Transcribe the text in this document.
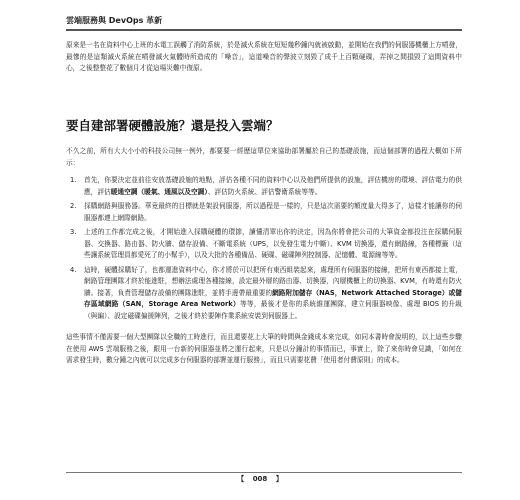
雲端服務與 DevOps 革新

原來是一名在資料中心上班的水電工誤觸了消防系統，於是滅火系統在短短幾秒鐘內就被啟動，並開始在我們的伺服器機櫃上方噴發，最慘的是這類滅火系統在噴發滅火氣體時所造成的「噪音」，這道噪音的聲波立刻毀了成千上百顆硬碟，弄掉之間損毀了這間資料中心，之後整整花了數個月才從這場災難中復原。

要自建部署硬體設施？還是投入雲端？

不久之前，所有大大小小的科技公司無一例外，都要要一經歷這單位來協助部署屬於自己的基礎設施，而這個部署的過程大概如下所示：

1.	首先，你要決定並前往安放基礎設施的地點，評估各種不同的資料中心以及他們所提供的設施，評估機房的環境、評估電力的供應，評估暖通空調（暖氣、通風以及空調）、評估防火系統、評估警衛系統等等。
2.	採購網路與服務器。華竟最終的目標就是架設伺服器，所以過程是一樣的，只是這次需要的額度量大得多了，這樣才能讓你的伺服器都連上網際網路。
3.	上述的工作都完成之後，才開始進入採購硬體的環節，讀懂清單出你的決定，因為你將會把公司的大筆資金都投注在採購伺服器、交換器、路由器、防火牆、儲存設備、不斷電系統（UPS，以免發生電力中斷）、KVM 切換器，還有網路線，各種標籤（這些讓系統管理員都愛死了的小幫手），以及大批的各種備品、硬碟、磁碟陣列控制器、記憶體、電源線等等。
4.	這時，硬體採購好了，也都運進資料中心，你才將於可以把所有東西組裝起來，處理所有伺服器的接線，把所有東西都接上電，網路管理團隊才終於能進駐，想辦法處理各種接線，設定最外層的路由器、切換器，內層機櫃上的切換器、KVM，有時還有防火牆。接著，負責管理儲存設備的團隊進駐，並將手邊帶最重要的網路附加儲存（NAS，Network Attached Storage）或儲存區域網路（SAN，Storage Area Network）等等，最後才是你的系統維運團隊，建立伺服器映像、處理 BIOS 的升級（與編）、設定磁碟偏援陣列，之後才終於要陣作業系統安裝到伺服器上。

這些事情不僅需要一個大型團隊以全職的工時進行，而且還要花上大筆的時間與金錢成本來完成，如同本書時會說明的，以上這些步驟在使用 AWS 雲端服務之後，跟用一台新的伺服器並將之運行起來，只是以分鐘計的事情而已，事實上，除了來你時會見識，「如何在需求發生時，數分鐘之內就可以完成多台伺服器的部署並運行服務」，而且只需要花費「使用者付費原則」的成本。

【 008 】
